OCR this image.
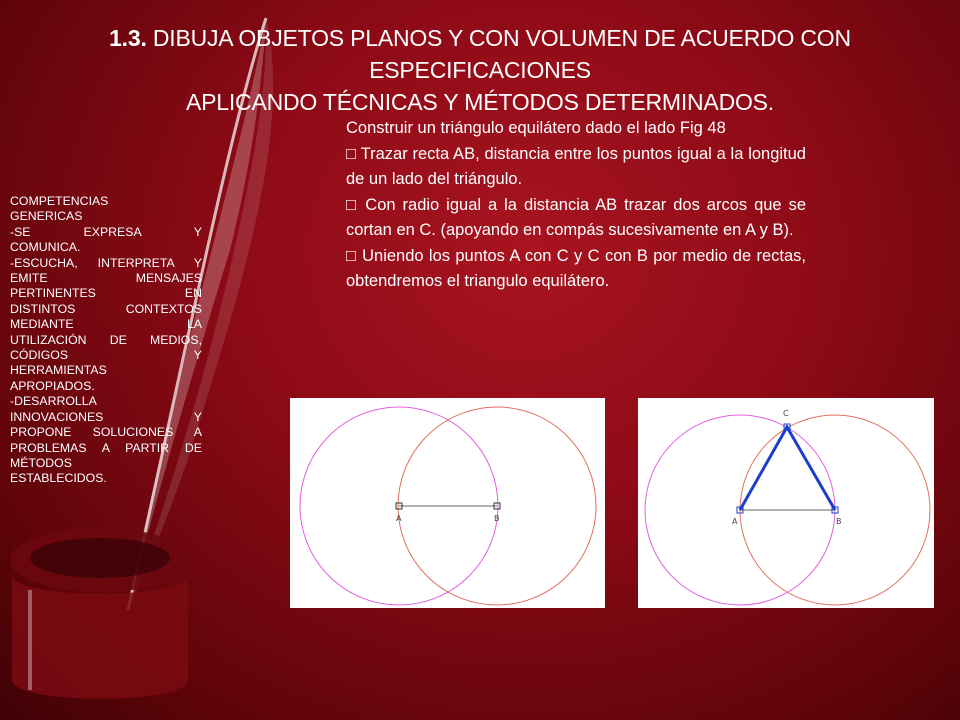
1.3. DIBUJA OBJETOS PLANOS Y CON VOLUMEN DE ACUERDO CON ESPECIFICACIONES
APLICANDO TÉCNICAS Y MÉTODOS DETERMINADOS.
COMPETENCIAS
GENERICAS
-SE EXPRESA Y
COMUNICA.
-ESCUCHA, INTERPRETA Y
EMITE MENSAJES
PERTINENTES EN
DISTINTOS CONTEXTOS
MEDIANTE LA
UTILIZACIÓN DE MEDIOS,
CÓDIGOS Y
HERRAMIENTAS
APROPIADOS.
-DESARROLLA
INNOVACIONES Y
PROPONE SOLUCIONES A
PROBLEMAS A PARTIR DE
MÉTODOS
ESTABLECIDOS.

Construir un triángulo equilátero dado el lado Fig 48

□ Trazar recta AB, distancia entre los puntos igual a la longitud de un lado del triángulo.

□ Con radio igual a la distancia AB trazar dos arcos que se cortan en C. (apoyando en compás sucesivamente en A y B).

□ Uniendo los puntos A con C y C con B por medio de rectas, obtendremos el triangulo equilátero.

A	B	A	B
C
